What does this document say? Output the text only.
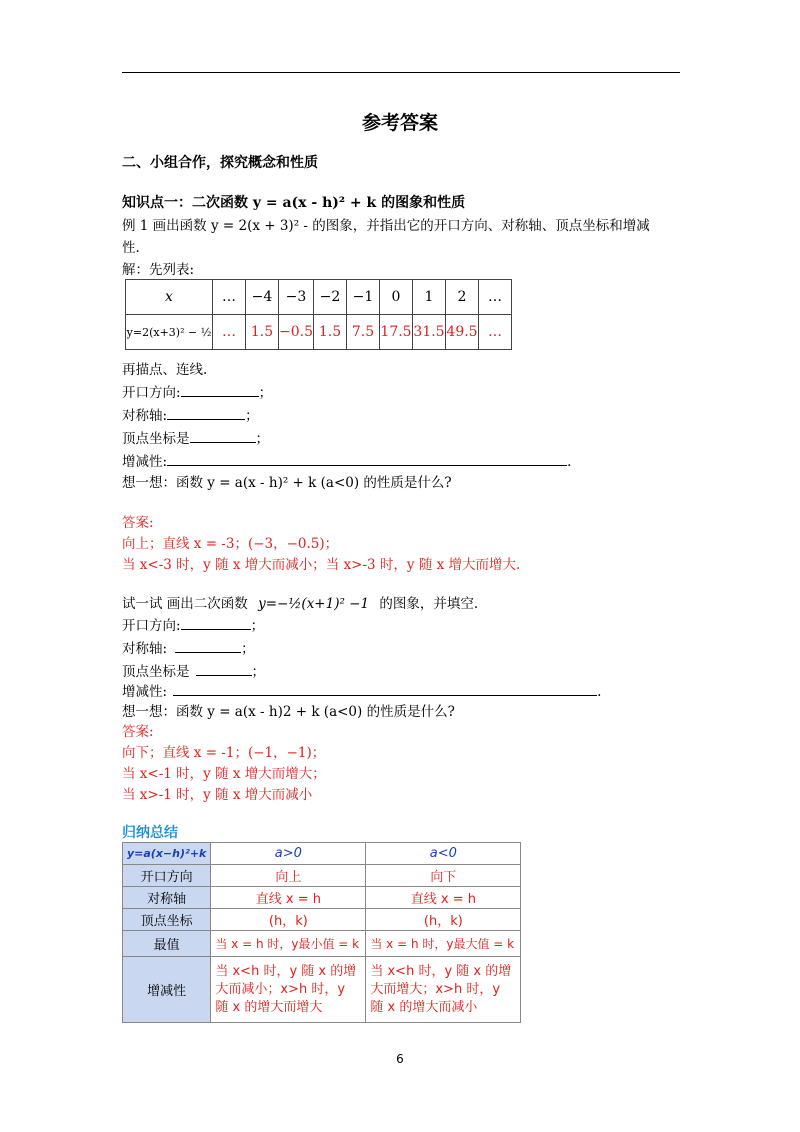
参考答案
二、小组合作，探究概念和性质
知识点一：二次函数 y = a(x - h)² + k 的图象和性质
例 1 画出函数 y = 2(x + 3)² - 的图象，并指出它的开口方向、对称轴、顶点坐标和增减
性.
解：先列表:
x	…	−4	−3	−2	−1	0	1	2	…
y=2(x+3)² − ½	…	1.5	−0.5	1.5	7.5	17.5	31.5	49.5	…
再描点、连线.
开口方向:	；
对称轴:	；
顶点坐标是	；
增减性:	.
想一想：函数 y = a(x - h)² + k (a<0) 的性质是什么?
答案:
向上；直线 x = -3；(−3，−0.5)；
当 x<-3 时，y 随 x 增大而减小；当 x>-3 时，y 随 x 增大而增大.
试一试 画出二次函数 y=−½(x+1)² −1 的图象，并填空.
开口方向:	；
对称轴:	；
顶点坐标是	；
增减性:	.
想一想：函数 y = a(x - h)2 + k (a<0) 的性质是什么?
答案:
向下；直线 x = -1；(−1，−1)；
当 x<-1 时，y 随 x 增大而增大；
当 x>-1 时，y 随 x 增大而减小
归纳总结
y=a(x−h)²+k	a>0	a<0
开口方向	向上	向下
对称轴	直线 x = h	直线 x = h
顶点坐标	(h，k)	(h，k)
最值	当 x = h 时，y最小值 = k	当 x = h 时，y最大值 = k
增减性	当 x<h 时，y 随 x 的增大而减小；x>h 时，y 随 x 的增大而增大	当 x<h 时，y 随 x 的增大而增大；x>h 时，y 随 x 的增大而减小
6
